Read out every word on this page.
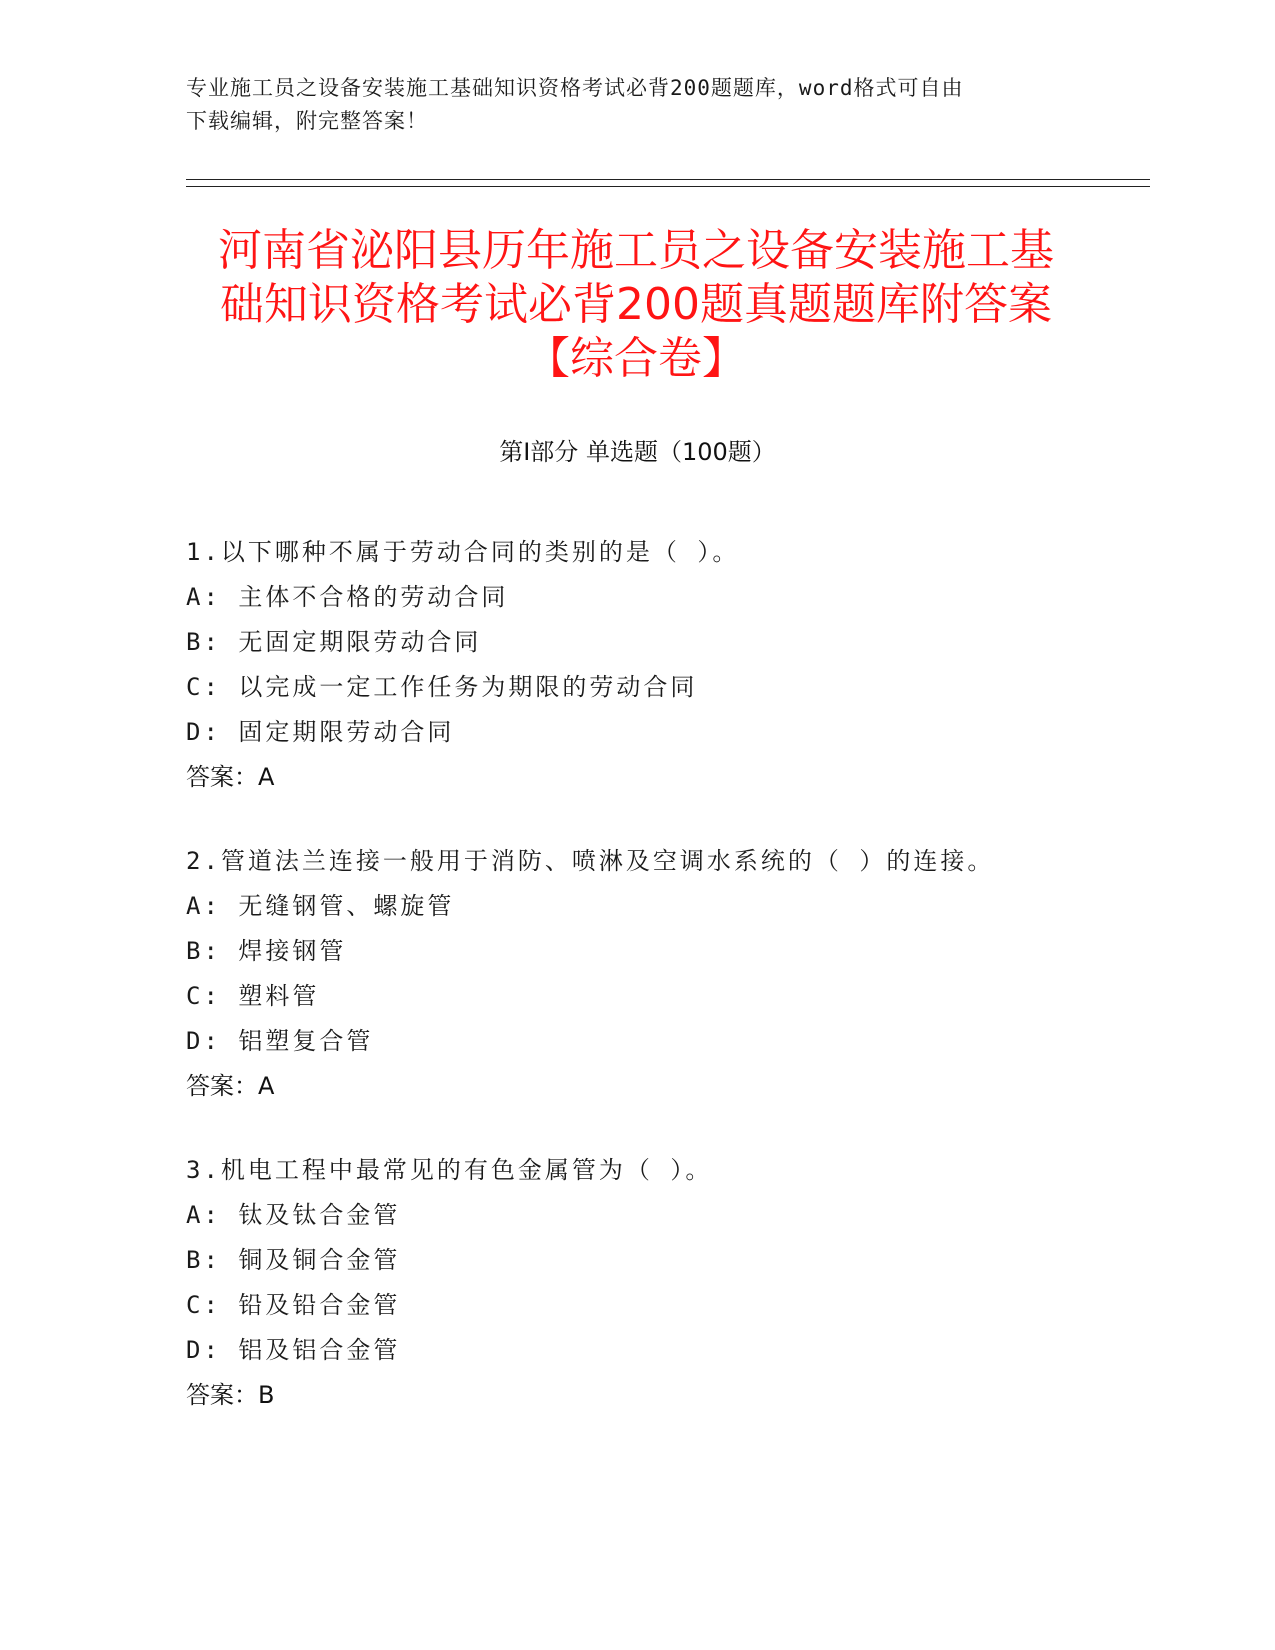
专业施工员之设备安装施工基础知识资格考试必背200题题库，word格式可自由
下载编辑，附完整答案！
河南省泌阳县历年施工员之设备安装施工基
础知识资格考试必背200题真题题库附答案
【综合卷】
第Ⅰ部分 单选题（100题）
1.以下哪种不属于劳动合同的类别的是（ ）。
A: 主体不合格的劳动合同
B: 无固定期限劳动合同
C: 以完成一定工作任务为期限的劳动合同
D: 固定期限劳动合同
答案：A
2.管道法兰连接一般用于消防、喷淋及空调水系统的（ ）的连接。
A: 无缝钢管、螺旋管
B: 焊接钢管
C: 塑料管
D: 铝塑复合管
答案：A
3.机电工程中最常见的有色金属管为（ ）。
A: 钛及钛合金管
B: 铜及铜合金管
C: 铅及铅合金管
D: 铝及铝合金管
答案：B
